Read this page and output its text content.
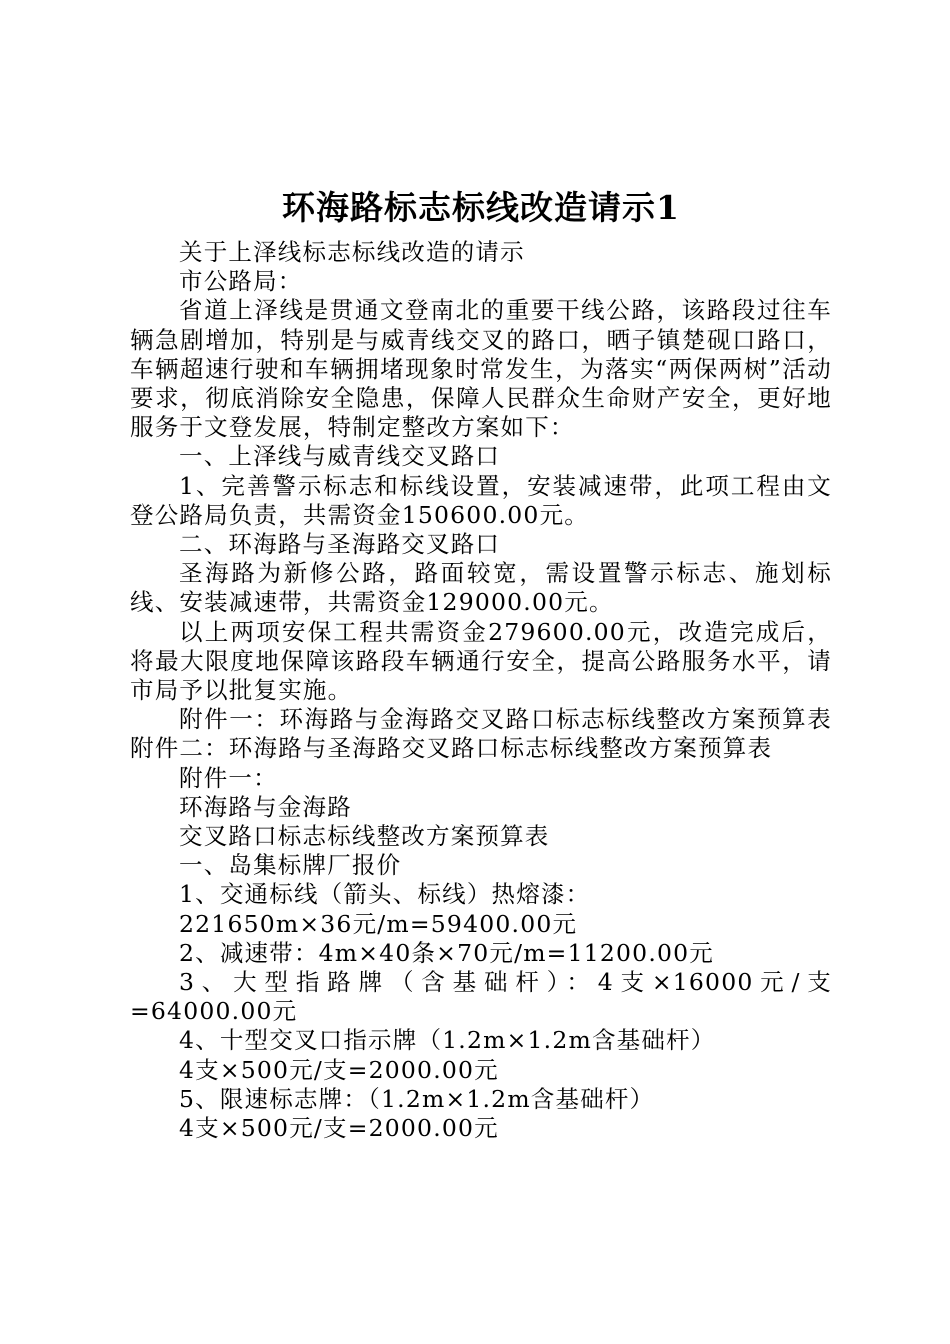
环海路标志标线改造请示1

关于上泽线标志标线改造的请示

市公路局：

省道上泽线是贯通文登南北的重要干线公路，该路段过往车辆急剧增加，特别是与威青线交叉的路口，晒子镇楚砚口路口，车辆超速行驶和车辆拥堵现象时常发生，为落实“两保两树”活动要求，彻底消除安全隐患，保障人民群众生命财产安全，更好地服务于文登发展，特制定整改方案如下：

一、上泽线与威青线交叉路口

1、完善警示标志和标线设置，安装减速带，此项工程由文登公路局负责，共需资金150600.00元。

二、环海路与圣海路交叉路口

圣海路为新修公路，路面较宽，需设置警示标志、施划标线、安装减速带，共需资金129000.00元。

以上两项安保工程共需资金279600.00元，改造完成后，将最大限度地保障该路段车辆通行安全，提高公路服务水平，请市局予以批复实施。

附件一：环海路与金海路交叉路口标志标线整改方案预算表附件二：环海路与圣海路交叉路口标志标线整改方案预算表

附件一：

环海路与金海路

交叉路口标志标线整改方案预算表

一、岛集标牌厂报价

1、交通标线（箭头、标线）热熔漆：

221650m×36元/m=59400.00元

2、减速带：4m×40条×70元/m=11200.00元

3、大型指路牌（含基础杆）：4支×16000元/支=64000.00元

4、十型交叉口指示牌（1.2m×1.2m含基础杆）

4支×500元/支=2000.00元

5、限速标志牌：（1.2m×1.2m含基础杆）

4支×500元/支=2000.00元
